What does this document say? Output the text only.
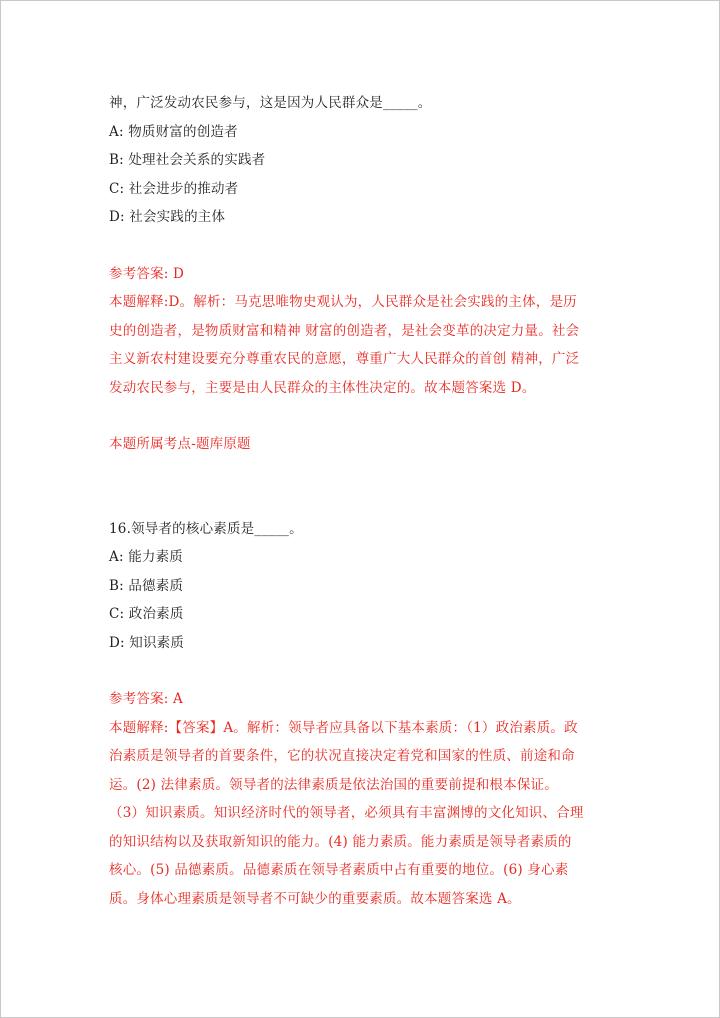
神，广泛发动农民参与，这是因为人民群众是_____。
A: 物质财富的创造者
B: 处理社会关系的实践者
C: 社会进步的推动者
D: 社会实践的主体
参考答案: D
本题解释:D。解析：马克思唯物史观认为，人民群众是社会实践的主体，是历
史的创造者，是物质财富和精神 财富的创造者，是社会变革的决定力量。社会
主义新农村建设要充分尊重农民的意愿，尊重广大人民群众的首创 精神，广泛
发动农民参与，主要是由人民群众的主体性决定的。故本题答案选 D。
本题所属考点-题库原题
16.领导者的核心素质是_____。
A: 能力素质
B: 品德素质
C: 政治素质
D: 知识素质
参考答案: A
本题解释:【答案】A。解析：领导者应具备以下基本素质：（1）政治素质。政
治素质是领导者的首要条件，它的状况直接决定着党和国家的性质、前途和命
运。(2) 法律素质。领导者的法律素质是依法治国的重要前提和根本保证。
（3）知识素质。知识经济时代的领导者，必须具有丰富渊博的文化知识、合理
的知识结构以及获取新知识的能力。(4) 能力素质。能力素质是领导者素质的
核心。(5) 品德素质。品德素质在领导者素质中占有重要的地位。(6) 身心素
质。身体心理素质是领导者不可缺少的重要素质。故本题答案选 A。
